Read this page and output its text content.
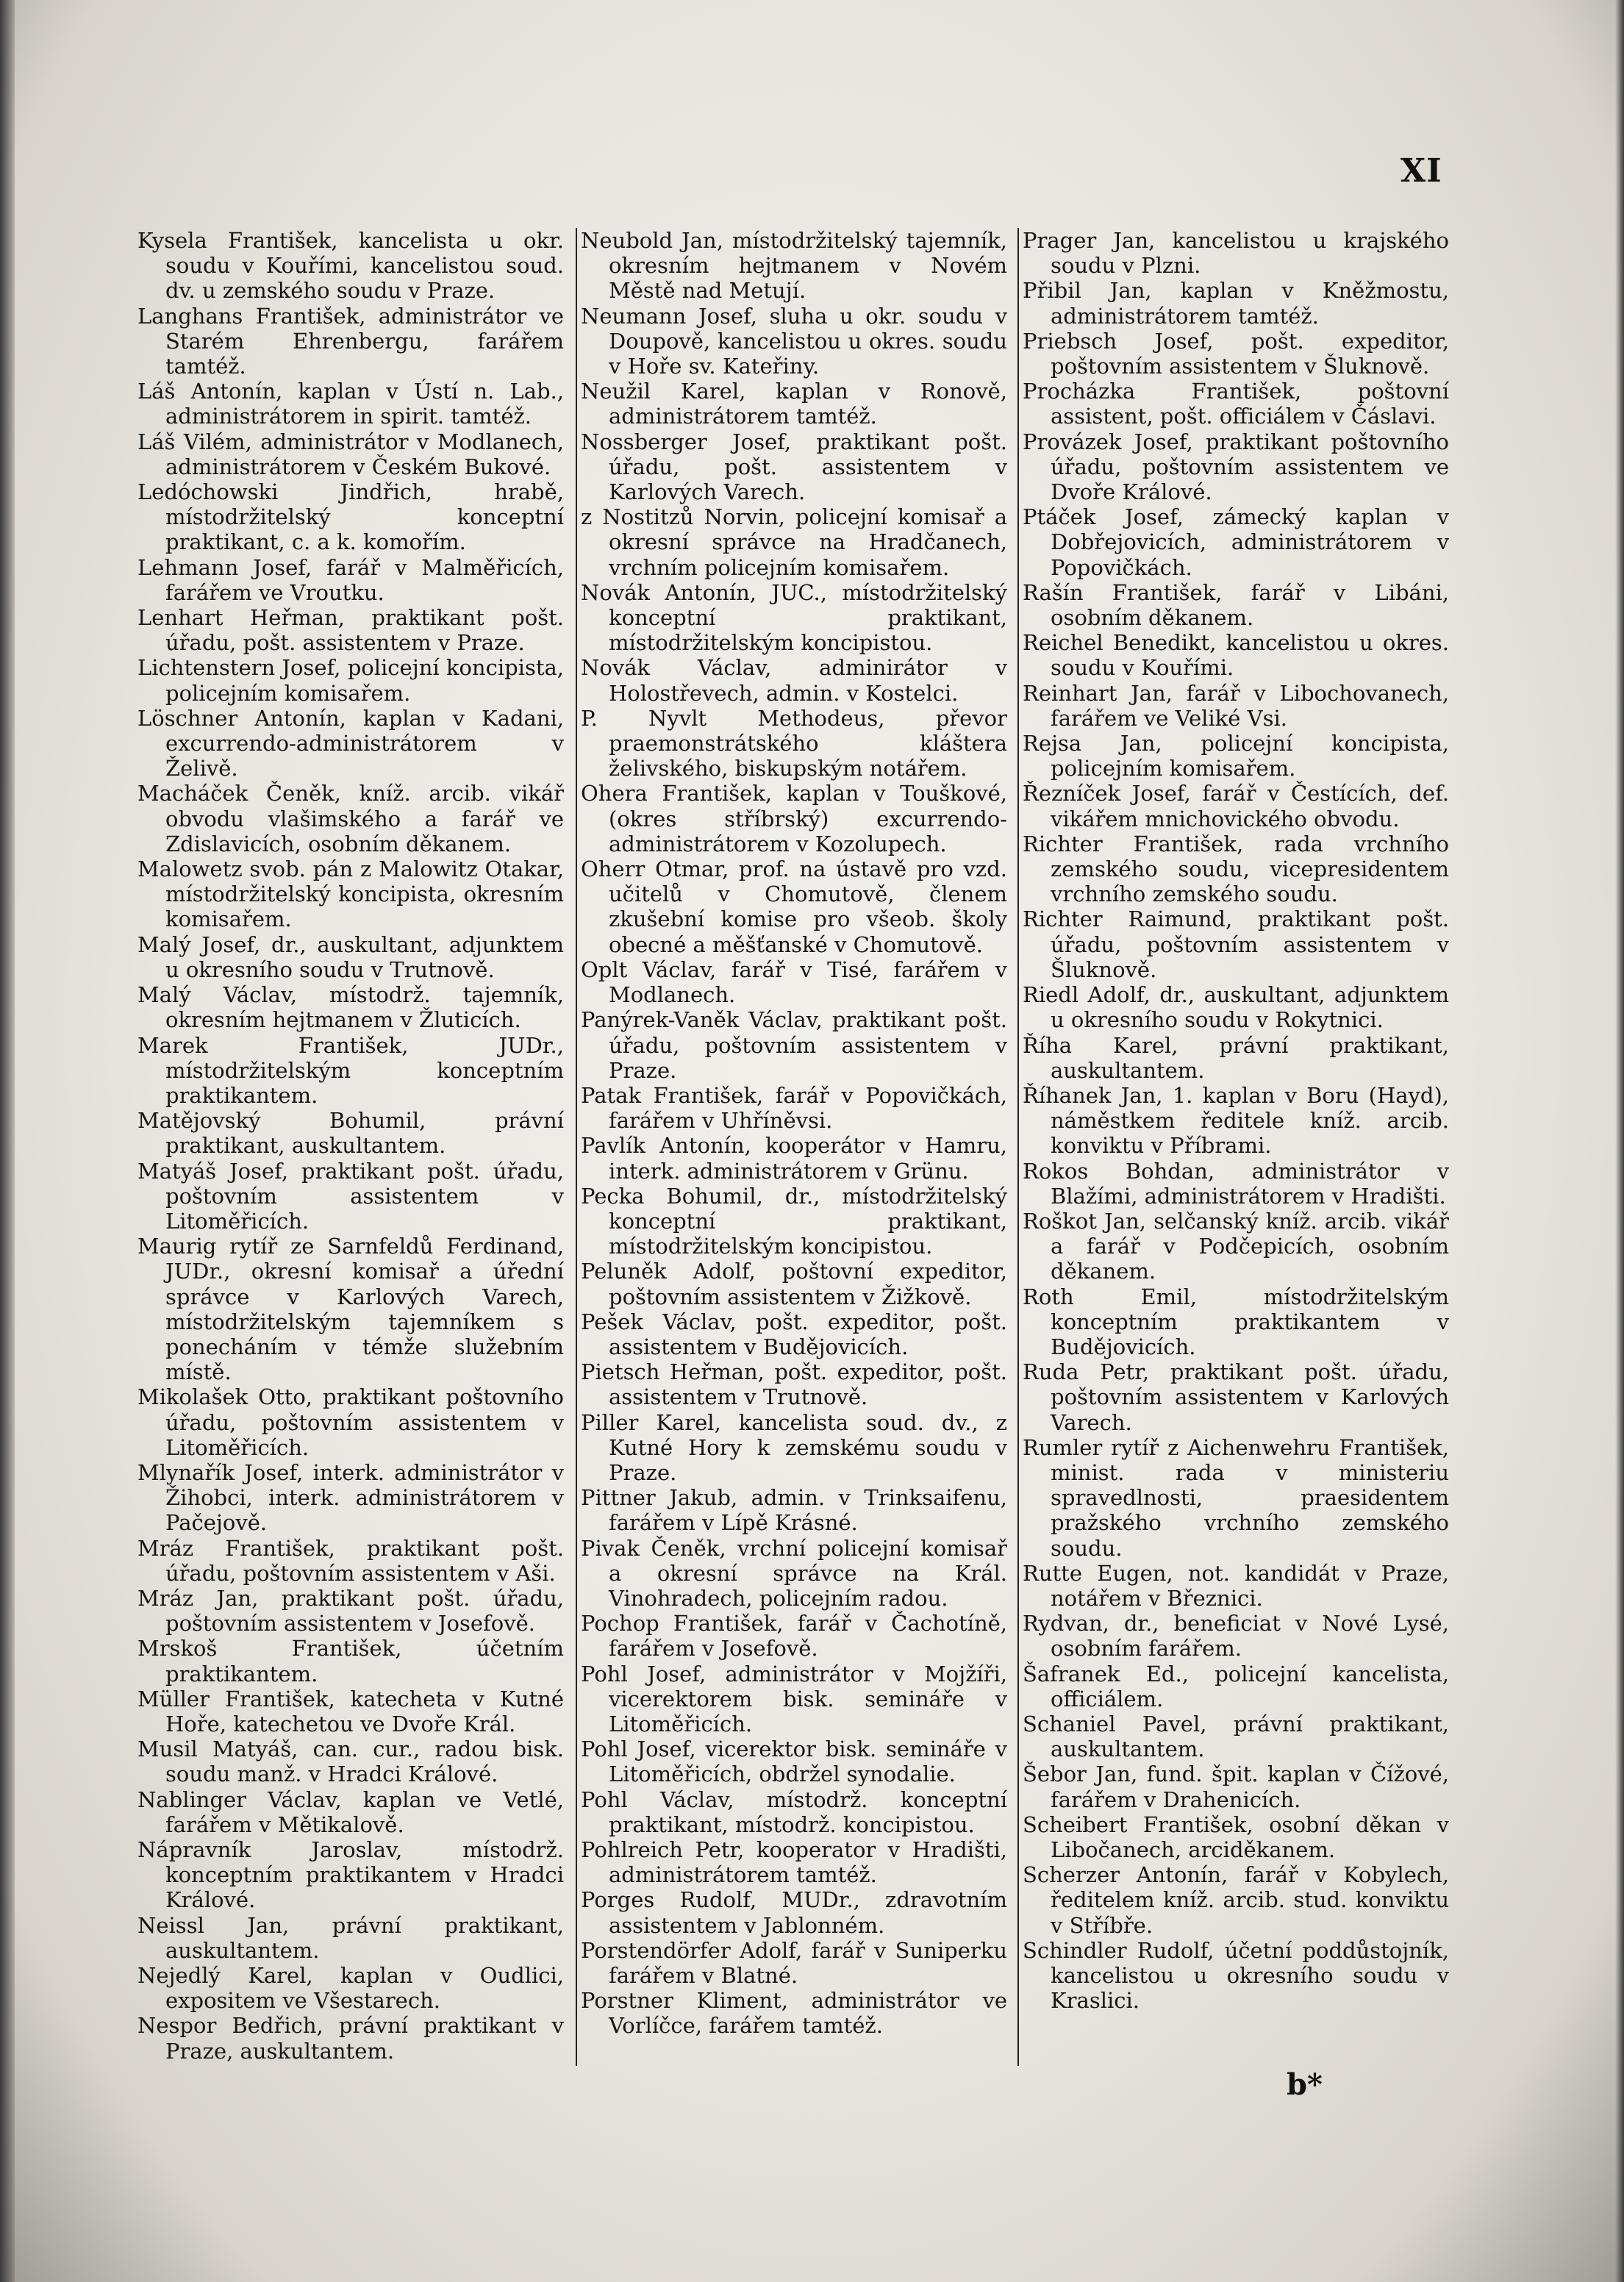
XI

Kysela František, kancelista u okr. soudu v Kouřími, kancelistou soud. dv. u zemského soudu v Praze.

Langhans František, administrátor ve Starém Ehrenbergu, farářem tamtéž.

Láš Antonín, kaplan v Ústí n. Lab., administrátorem in spirit. tamtéž.

Láš Vilém, administrátor v Modlanech, administrátorem v Českém Bukové.

Ledóchowski Jindřich, hrabě, místodržitelský konceptní praktikant, c. a k. komořím.

Lehmann Josef, farář v Malměřicích, farářem ve Vroutku.

Lenhart Heřman, praktikant pošt. úřadu, pošt. assistentem v Praze.

Lichtenstern Josef, policejní koncipista, policejním komisařem.

Löschner Antonín, kaplan v Kadani, excurrendo-administrátorem v Želivě.

Macháček Čeněk, kníž. arcib. vikář obvodu vlašimského a farář ve Zdislavicích, osobním děkanem.

Malowetz svob. pán z Malowitz Otakar, místodržitelský koncipista, okresním komisařem.

Malý Josef, dr., auskultant, adjunktem u okresního soudu v Trutnově.

Malý Václav, místodrž. tajemník, okresním hejtmanem v Žluticích.

Marek František, JUDr., místodržitelským konceptním praktikantem.

Matějovský Bohumil, právní praktikant, auskultantem.

Matyáš Josef, praktikant pošt. úřadu, poštovním assistentem v Litoměřicích.

Maurig rytíř ze Sarnfeldů Ferdinand, JUDr., okresní komisař a úřední správce v Karlových Varech, místodržitelským tajemníkem s ponecháním v témže služebním místě.

Mikolašek Otto, praktikant poštovního úřadu, poštovním assistentem v Litoměřicích.

Mlynařík Josef, interk. administrátor v Žihobci, interk. administrátorem v Pačejově.

Mráz František, praktikant pošt. úřadu, poštovním assistentem v Aši.

Mráz Jan, praktikant pošt. úřadu, poštovním assistentem v Josefově.

Mrskoš František, účetním praktikantem.

Müller František, katecheta v Kutné Hoře, katechetou ve Dvoře Král.

Musil Matyáš, can. cur., radou bisk. soudu manž. v Hradci Králové.

Nablinger Václav, kaplan ve Vetlé, farářem v Mětikalově.

Nápravník Jaroslav, místodrž. konceptním praktikantem v Hradci Králové.

Neissl Jan, právní praktikant, auskultantem.

Nejedlý Karel, kaplan v Oudlici, expositem ve Všestarech.

Nespor Bedřich, právní praktikant v Praze, auskultantem.

Neubold Jan, místodržitelský tajemník, okresním hejtmanem v Novém Městě nad Metují.

Neumann Josef, sluha u okr. soudu v Doupově, kancelistou u okres. soudu v Hoře sv. Kateřiny.

Neužil Karel, kaplan v Ronově, administrátorem tamtéž.

Nossberger Josef, praktikant pošt. úřadu, pošt. assistentem v Karlových Varech.

z Nostitzů Norvin, policejní komisař a okresní správce na Hradčanech, vrchním policejním komisařem.

Novák Antonín, JUC., místodržitelský konceptní praktikant, místodržitelským koncipistou.

Novák Václav, adminirátor v Holostřevech, admin. v Kostelci.

P. Nyvlt Methodeus, převor praemonstrátského kláštera želivského, biskupským notářem.

Ohera František, kaplan v Touškové, (okres stříbrský) excurrendo-administrátorem v Kozolupech.

Oherr Otmar, prof. na ústavě pro vzd. učitelů v Chomutově, členem zkušební komise pro všeob. školy obecné a měšťanské v Chomutově.

Oplt Václav, farář v Tisé, farářem v Modlanech.

Panýrek-Vaněk Václav, praktikant pošt. úřadu, poštovním assistentem v Praze.

Patak František, farář v Popovičkách, farářem v Uhříněvsi.

Pavlík Antonín, kooperátor v Hamru, interk. administrátorem v Grünu.

Pecka Bohumil, dr., místodržitelský konceptní praktikant, místodržitelským koncipistou.

Peluněk Adolf, poštovní expeditor, poštovním assistentem v Žižkově.

Pešek Václav, pošt. expeditor, pošt. assistentem v Budějovicích.

Pietsch Heřman, pošt. expeditor, pošt. assistentem v Trutnově.

Piller Karel, kancelista soud. dv., z Kutné Hory k zemskému soudu v Praze.

Pittner Jakub, admin. v Trinksaifenu, farářem v Lípě Krásné.

Pivak Čeněk, vrchní policejní komisař a okresní správce na Král. Vinohradech, policejním radou.

Pochop František, farář v Čachotíně, farářem v Josefově.

Pohl Josef, administrátor v Mojžíři, vicerektorem bisk. semináře v Litoměřicích.

Pohl Josef, vicerektor bisk. semináře v Litoměřicích, obdržel synodalie.

Pohl Václav, místodrž. konceptní praktikant, místodrž. koncipistou.

Pohlreich Petr, kooperator v Hradišti, administrátorem tamtéž.

Porges Rudolf, MUDr., zdravotním assistentem v Jablonném.

Porstendörfer Adolf, farář v Suniperku farářem v Blatné.

Porstner Kliment, administrátor ve Vorlíčce, farářem tamtéž.

Prager Jan, kancelistou u krajského soudu v Plzni.

Přibil Jan, kaplan v Kněžmostu, administrátorem tamtéž.

Priebsch Josef, pošt. expeditor, poštovním assistentem v Šluknově.

Procházka František, poštovní assistent, pošt. officiálem v Čáslavi.

Provázek Josef, praktikant poštovního úřadu, poštovním assistentem ve Dvoře Králové.

Ptáček Josef, zámecký kaplan v Dobřejovicích, administrátorem v Popovičkách.

Rašín František, farář v Libáni, osobním děkanem.

Reichel Benedikt, kancelistou u okres. soudu v Kouřími.

Reinhart Jan, farář v Libochovanech, farářem ve Veliké Vsi.

Rejsa Jan, policejní koncipista, policejním komisařem.

Řezníček Josef, farář v Čestících, def. vikářem mnichovického obvodu.

Richter František, rada vrchního zemského soudu, vicepresidentem vrchního zemského soudu.

Richter Raimund, praktikant pošt. úřadu, poštovním assistentem v Šluknově.

Riedl Adolf, dr., auskultant, adjunktem u okresního soudu v Rokytnici.

Říha Karel, právní praktikant, auskultantem.

Říhanek Jan, 1. kaplan v Boru (Hayd), náměstkem ředitele kníž. arcib. konviktu v Příbrami.

Rokos Bohdan, administrátor v Blažími, administrátorem v Hradišti.

Roškot Jan, selčanský kníž. arcib. vikář a farář v Podčepicích, osobním děkanem.

Roth Emil, místodržitelským konceptním praktikantem v Budějovicích.

Ruda Petr, praktikant pošt. úřadu, poštovním assistentem v Karlových Varech.

Rumler rytíř z Aichenwehru František, minist. rada v ministeriu spravedlnosti, praesidentem pražského vrchního zemského soudu.

Rutte Eugen, not. kandidát v Praze, notářem v Březnici.

Rydvan, dr., beneficiat v Nové Lysé, osobním farářem.

Šafranek Ed., policejní kancelista, officiálem.

Schaniel Pavel, právní praktikant, auskultantem.

Šebor Jan, fund. špit. kaplan v Čížové, farářem v Drahenicích.

Scheibert František, osobní děkan v Libočanech, arciděkanem.

Scherzer Antonín, farář v Kobylech, ředitelem kníž. arcib. stud. konviktu v Stříbře.

Schindler Rudolf, účetní poddůstojník, kancelistou u okresního soudu v Kraslici.

b*
